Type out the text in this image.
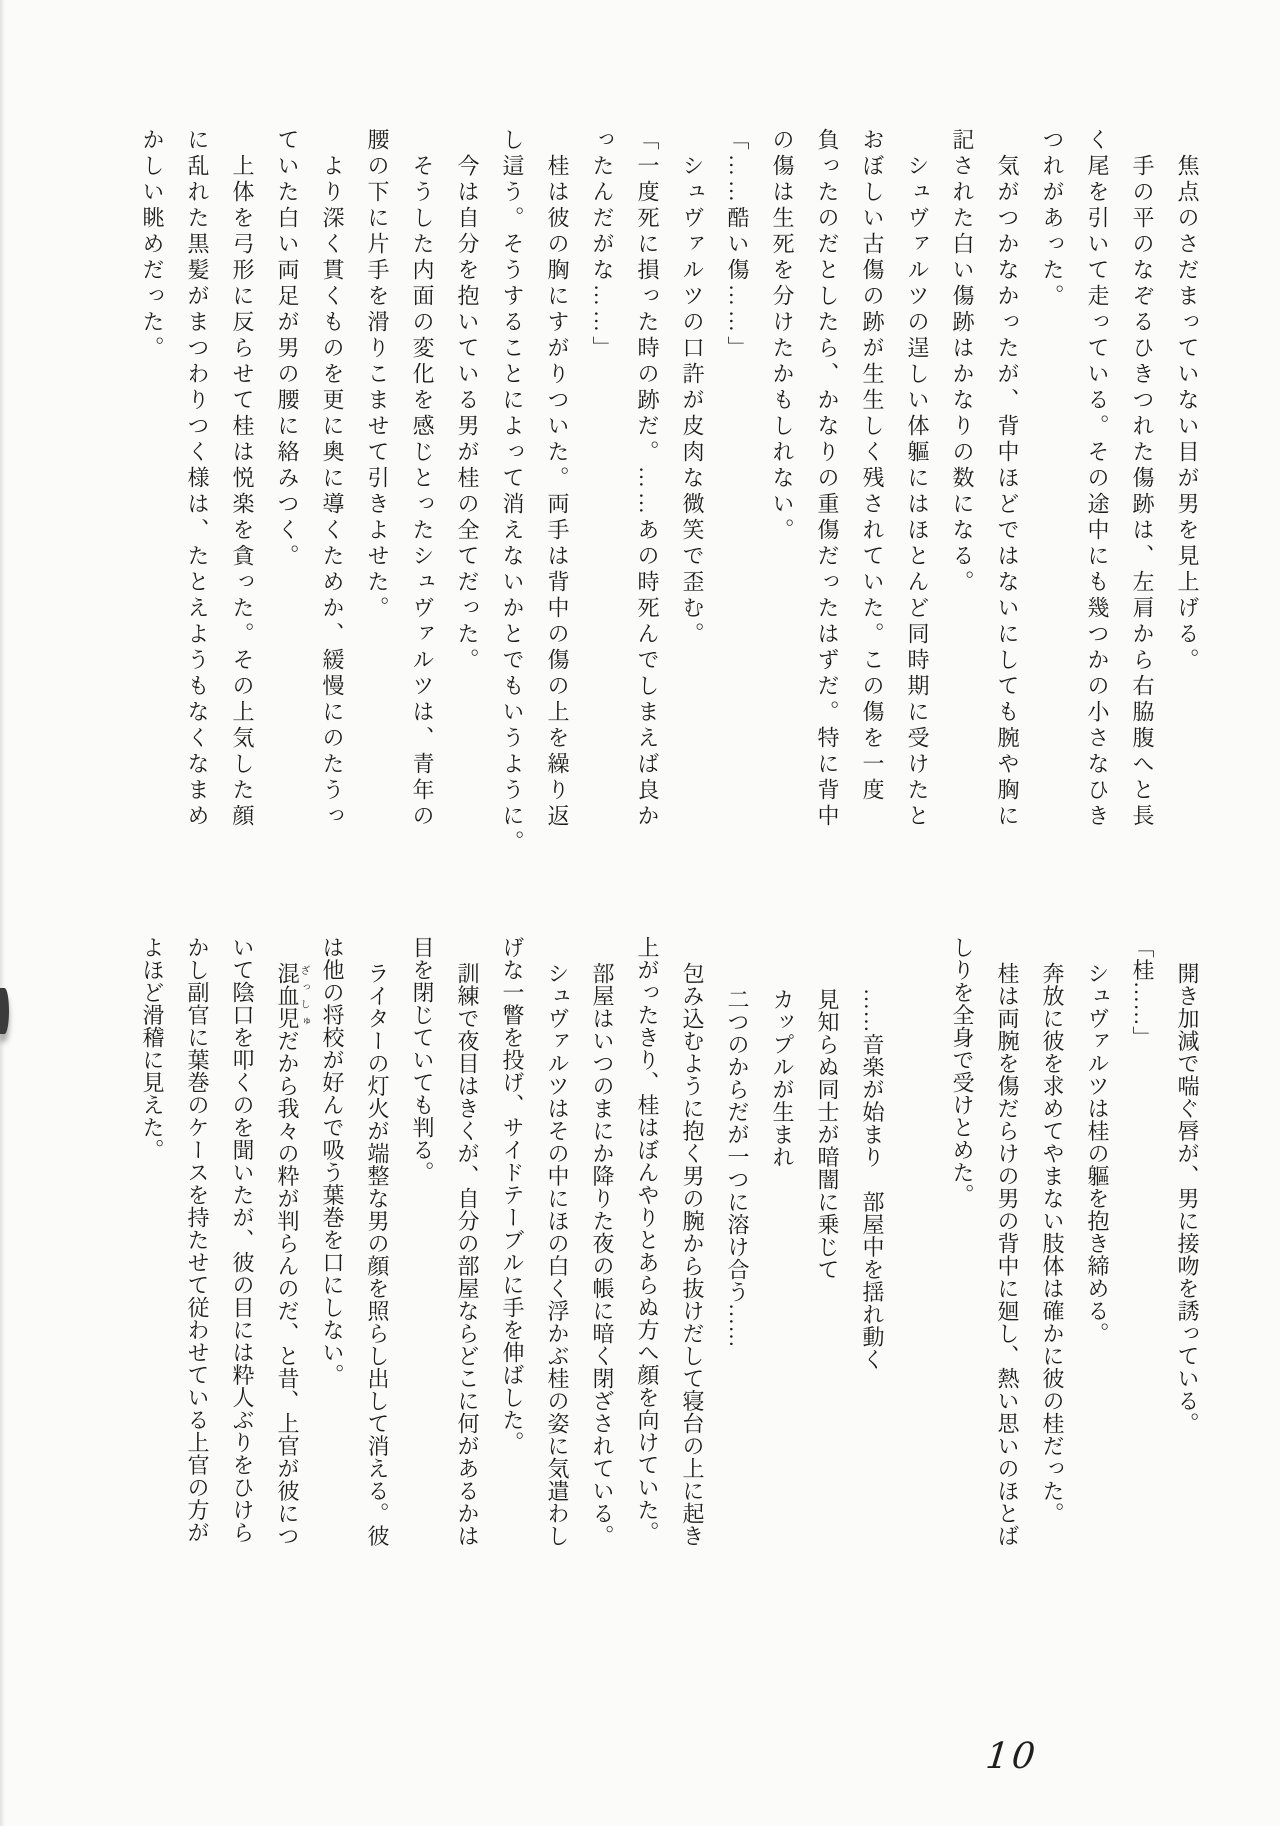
焦点のさだまっていない目が男を見上げる。

手の平のなぞるひきつれた傷跡は、左肩から右脇腹へと長

く尾を引いて走っている。その途中にも幾つかの小さなひき

つれがあった。

気がつかなかったが、背中ほどではないにしても腕や胸に

記された白い傷跡はかなりの数になる。

シュヴァルツの逞しい体軀にはほとんど同時期に受けたと

おぼしい古傷の跡が生生しく残されていた。この傷を一度

負ったのだとしたら、かなりの重傷だったはずだ。特に背中

の傷は生死を分けたかもしれない。

「……酷い傷……」

シュヴァルツの口許が皮肉な微笑で歪む。

「一度死に損った時の跡だ。……あの時死んでしまえば良か

ったんだがな……」

桂は彼の胸にすがりついた。両手は背中の傷の上を繰り返

し這う。そうすることによって消えないかとでもいうように。

今は自分を抱いている男が桂の全てだった。

そうした内面の変化を感じとったシュヴァルツは、青年の

腰の下に片手を滑りこませて引きよせた。

より深く貫くものを更に奥に導くためか、緩慢にのたうっ

ていた白い両足が男の腰に絡みつく。

上体を弓形に反らせて桂は悦楽を貪った。その上気した顔

に乱れた黒髪がまつわりつく様は、たとえようもなくなまめ

かしい眺めだった。

開き加減で喘ぐ唇が、男に接吻を誘っている。

「桂……」

シュヴァルツは桂の軀を抱き締める。

奔放に彼を求めてやまない肢体は確かに彼の桂だった。

桂は両腕を傷だらけの男の背中に廻し、熱い思いのほとば

しりを全身で受けとめた。

……音楽が始まり　部屋中を揺れ動く

見知らぬ同士が暗闇に乗じて

カップルが生まれ

二つのからだが一つに溶け合う……

包み込むように抱く男の腕から抜けだして寝台の上に起き

上がったきり、桂はぼんやりとあらぬ方へ顔を向けていた。

部屋はいつのまにか降りた夜の帳に暗く閉ざされている。

シュヴァルツはその中にほの白く浮かぶ桂の姿に気遣わし

げな一瞥を投げ、サイドテーブルに手を伸ばした。

訓練で夜目はきくが、自分の部屋ならどこに何があるかは

目を閉じていても判る。

ライターの灯火が端整な男の顔を照らし出して消える。彼

は他の将校が好んで吸う葉巻を口にしない。

混血児ざっしゅだから我々の粋が判らんのだ、と昔、上官が彼につ

いて陰口を叩くのを聞いたが、彼の目には粋人ぶりをひけら

かし副官に葉巻のケースを持たせて従わせている上官の方が

よほど滑稽に見えた。

10
